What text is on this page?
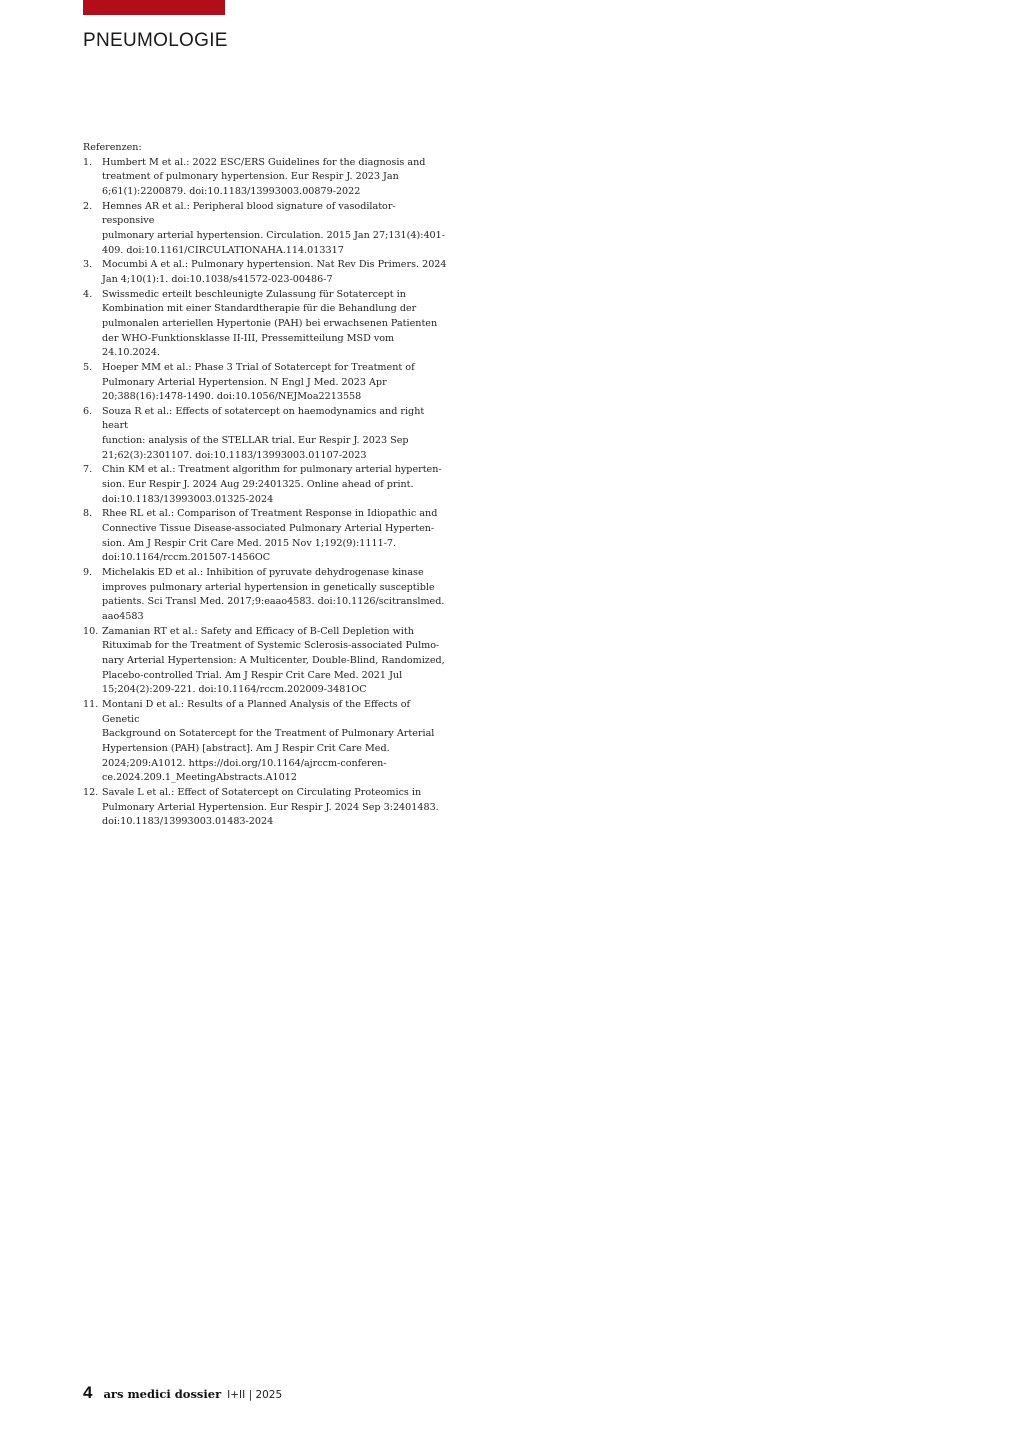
PNEUMOLOGIE

Referenzen:

1.	Humbert M et al.: 2022 ESC/ERS Guidelines for the diagnosis and
treatment of pulmonary hypertension. Eur Respir J. 2023 Jan
6;61(1):2200879. doi:10.1183/13993003.00879-2022

2.	Hemnes AR et al.: Peripheral blood signature of vasodilator-responsive
pulmonary arterial hypertension. Circulation. 2015 Jan 27;131(4):401-
409. doi:10.1161/CIRCULATIONAHA.114.013317

3.	Mocumbi A et al.: Pulmonary hypertension. Nat Rev Dis Primers. 2024
Jan 4;10(1):1. doi:10.1038/s41572-023-00486-7

4.	Swissmedic erteilt beschleunigte Zulassung für Sotatercept in
Kombination mit einer Standardtherapie für die Behandlung der
pulmonalen arteriellen Hypertonie (PAH) bei erwachsenen Patienten
der WHO-Funktionsklasse II-III, Pressemitteilung MSD vom
24.10.2024.

5.	Hoeper MM et al.: Phase 3 Trial of Sotatercept for Treatment of
Pulmonary Arterial Hypertension. N Engl J Med. 2023 Apr
20;388(16):1478-1490. doi:10.1056/NEJMoa2213558

6.	Souza R et al.: Effects of sotatercept on haemodynamics and right heart
function: analysis of the STELLAR trial. Eur Respir J. 2023 Sep
21;62(3):2301107. doi:10.1183/13993003.01107-2023

7.	Chin KM et al.: Treatment algorithm for pulmonary arterial hyperten-
sion. Eur Respir J. 2024 Aug 29:2401325. Online ahead of print.
doi:10.1183/13993003.01325-2024

8.	Rhee RL et al.: Comparison of Treatment Response in Idiopathic and
Connective Tissue Disease-associated Pulmonary Arterial Hyperten-
sion. Am J Respir Crit Care Med. 2015 Nov 1;192(9):1111-7.
doi:10.1164/rccm.201507-1456OC

9.	Michelakis ED et al.: Inhibition of pyruvate dehydrogenase kinase
improves pulmonary arterial hypertension in genetically susceptible
patients. Sci Transl Med. 2017;9:eaao4583. doi:10.1126/scitranslmed.
aao4583

10. Zamanian RT et al.: Safety and Efficacy of B-Cell Depletion with
Rituximab for the Treatment of Systemic Sclerosis-associated Pulmo-
nary Arterial Hypertension: A Multicenter, Double-Blind, Randomized,
Placebo-controlled Trial. Am J Respir Crit Care Med. 2021 Jul
15;204(2):209-221. doi:10.1164/rccm.202009-3481OC

11. Montani D et al.: Results of a Planned Analysis of the Effects of Genetic
Background on Sotatercept for the Treatment of Pulmonary Arterial
Hypertension (PAH) [abstract]. Am J Respir Crit Care Med.
2024;209:A1012. https://doi.org/10.1164/ajrccm-conferen-
ce.2024.209.1_MeetingAbstracts.A1012

12. Savale L et al.: Effect of Sotatercept on Circulating Proteomics in
Pulmonary Arterial Hypertension. Eur Respir J. 2024 Sep 3:2401483.
doi:10.1183/13993003.01483-2024

4 ars medici dossier I+II | 2025
